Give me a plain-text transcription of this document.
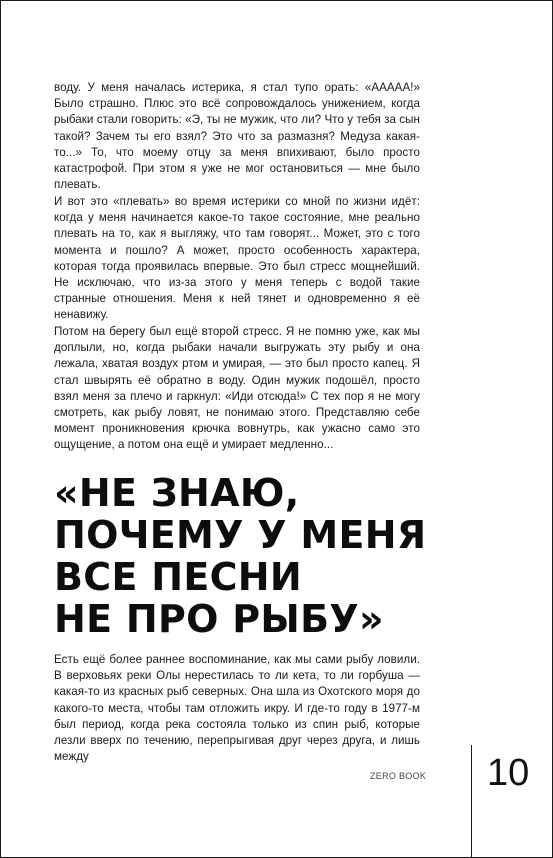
воду. У меня началась истерика, я стал тупо орать: «ААААА!» Было страшно. Плюс это всё сопровождалось унижением, когда рыбаки стали говорить: «Э, ты не мужик, что ли? Что у тебя за сын такой? Зачем ты его взял? Это что за размазня? Медуза какая-то...» То, что моему отцу за меня впихивают, было просто катастрофой. При этом я уже не мог остановиться — мне было плевать.

И вот это «плевать» во время истерики со мной по жизни идёт: когда у меня начинается какое-то такое состояние, мне реально плевать на то, как я выгляжу, что там говорят... Может, это с того момента и пошло? А может, просто особенность характера, которая тогда проявилась впервые. Это был стресс мощнейший. Не исключаю, что из-за этого у меня теперь с водой такие странные отношения. Меня к ней тянет и одновременно я её ненавижу.

Потом на берегу был ещё второй стресс. Я не помню уже, как мы доплыли, но, когда рыбаки начали выгружать эту рыбу и она лежала, хватая воздух ртом и умирая, — это был просто капец. Я стал швырять её обратно в воду. Один мужик подошёл, просто взял меня за плечо и гаркнул: «Иди отсюда!» С тех пор я не могу смотреть, как рыбу ловят, не понимаю этого. Представляю себе момент проникновения крючка вовнутрь, как ужасно само это ощущение, а потом она ещё и умирает медленно...

«НЕ ЗНАЮ,
ПОЧЕМУ У МЕНЯ
ВСЕ ПЕСНИ
НЕ ПРО РЫБУ»

Есть ещё более раннее воспоминание, как мы сами рыбу ловили. В верховьях реки Олы нерестилась то ли кета, то ли горбуша — какая-то из красных рыб северных. Она шла из Охотского моря до какого-то места, чтобы там отложить икру. И где-то году в 1977-м был период, когда река состояла только из спин рыб, которые лезли вверх по течению, перепрыгивая друг через друга, и лишь между

ZERO BOOK 10
